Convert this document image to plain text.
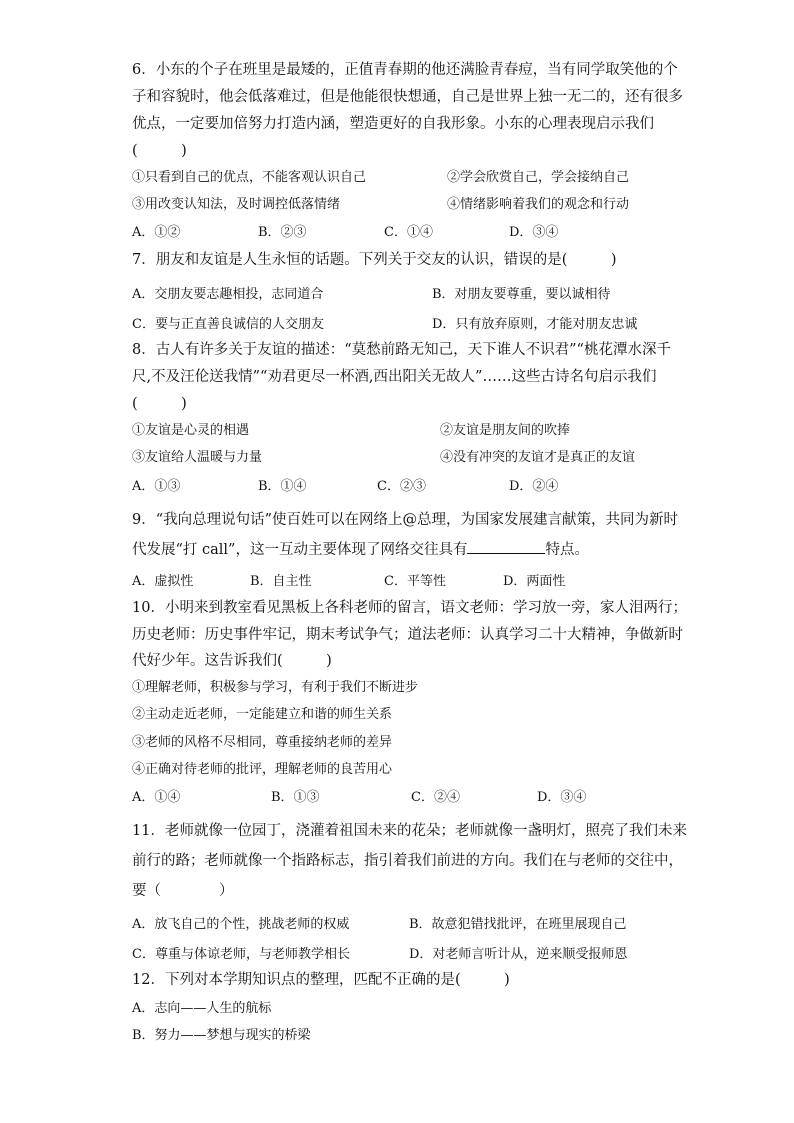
6．小东的个子在班里是最矮的，正值青春期的他还满脸青春痘，当有同学取笑他的个
子和容貌时，他会低落难过，但是他能很快想通，自己是世界上独一无二的，还有很多
优点，一定要加倍努力打造内涵，塑造更好的自我形象。小东的心理表现启示我们
(　　　)
①只看到自己的优点，不能客观认识自己	②学会欣赏自己，学会接纳自己
③用改变认知法，及时调控低落情绪	④情绪影响着我们的观念和行动
A．①②	B．②③	C．①④	D．③④
7．朋友和友谊是人生永恒的话题。下列关于交友的认识，错误的是(　　　)
A．交朋友要志趣相投，志同道合	B．对朋友要尊重，要以诚相待
C．要与正直善良诚信的人交朋友	D．只有放弃原则，才能对朋友忠诚
8．古人有许多关于友谊的描述：“莫愁前路无知己，天下谁人不识君”“桃花潭水深千
尺,不及汪伦送我情”“劝君更尽一杯酒,西出阳关无故人”……这些古诗名句启示我们
(　　　)
①友谊是心灵的相遇	②友谊是朋友间的吹捧
③友谊给人温暖与力量	④没有冲突的友谊才是真正的友谊
A．①③	B．①④	C．②③	D．②④
9．“我向总理说句话”使百姓可以在网络上@总理，为国家发展建言献策，共同为新时
代发展“打 call”，这一互动主要体现了网络交往具有	特点。
A．虚拟性	B．自主性	C．平等性	D．两面性
10．小明来到教室看见黑板上各科老师的留言，语文老师：学习放一旁，家人泪两行；
历史老师：历史事件牢记，期末考试争气；道法老师：认真学习二十大精神，争做新时
代好少年。这告诉我们(　　　)
①理解老师，积极参与学习，有利于我们不断进步
②主动走近老师，一定能建立和谐的师生关系
③老师的风格不尽相同，尊重接纳老师的差异
④正确对待老师的批评，理解老师的良苦用心
A．①④	B．①③	C．②④	D．③④
11．老师就像一位园丁，浇灌着祖国未来的花朵；老师就像一盏明灯，照亮了我们未来
前行的路；老师就像一个指路标志，指引着我们前进的方向。我们在与老师的交往中，
要（　　　　）
A．放飞自己的个性，挑战老师的权威	B．故意犯错找批评，在班里展现自己
C．尊重与体谅老师，与老师教学相长	D．对老师言听计从，逆来顺受报师恩
12．下列对本学期知识点的整理，匹配不正确的是(　　　)
A．志向——人生的航标
B．努力——梦想与现实的桥梁
